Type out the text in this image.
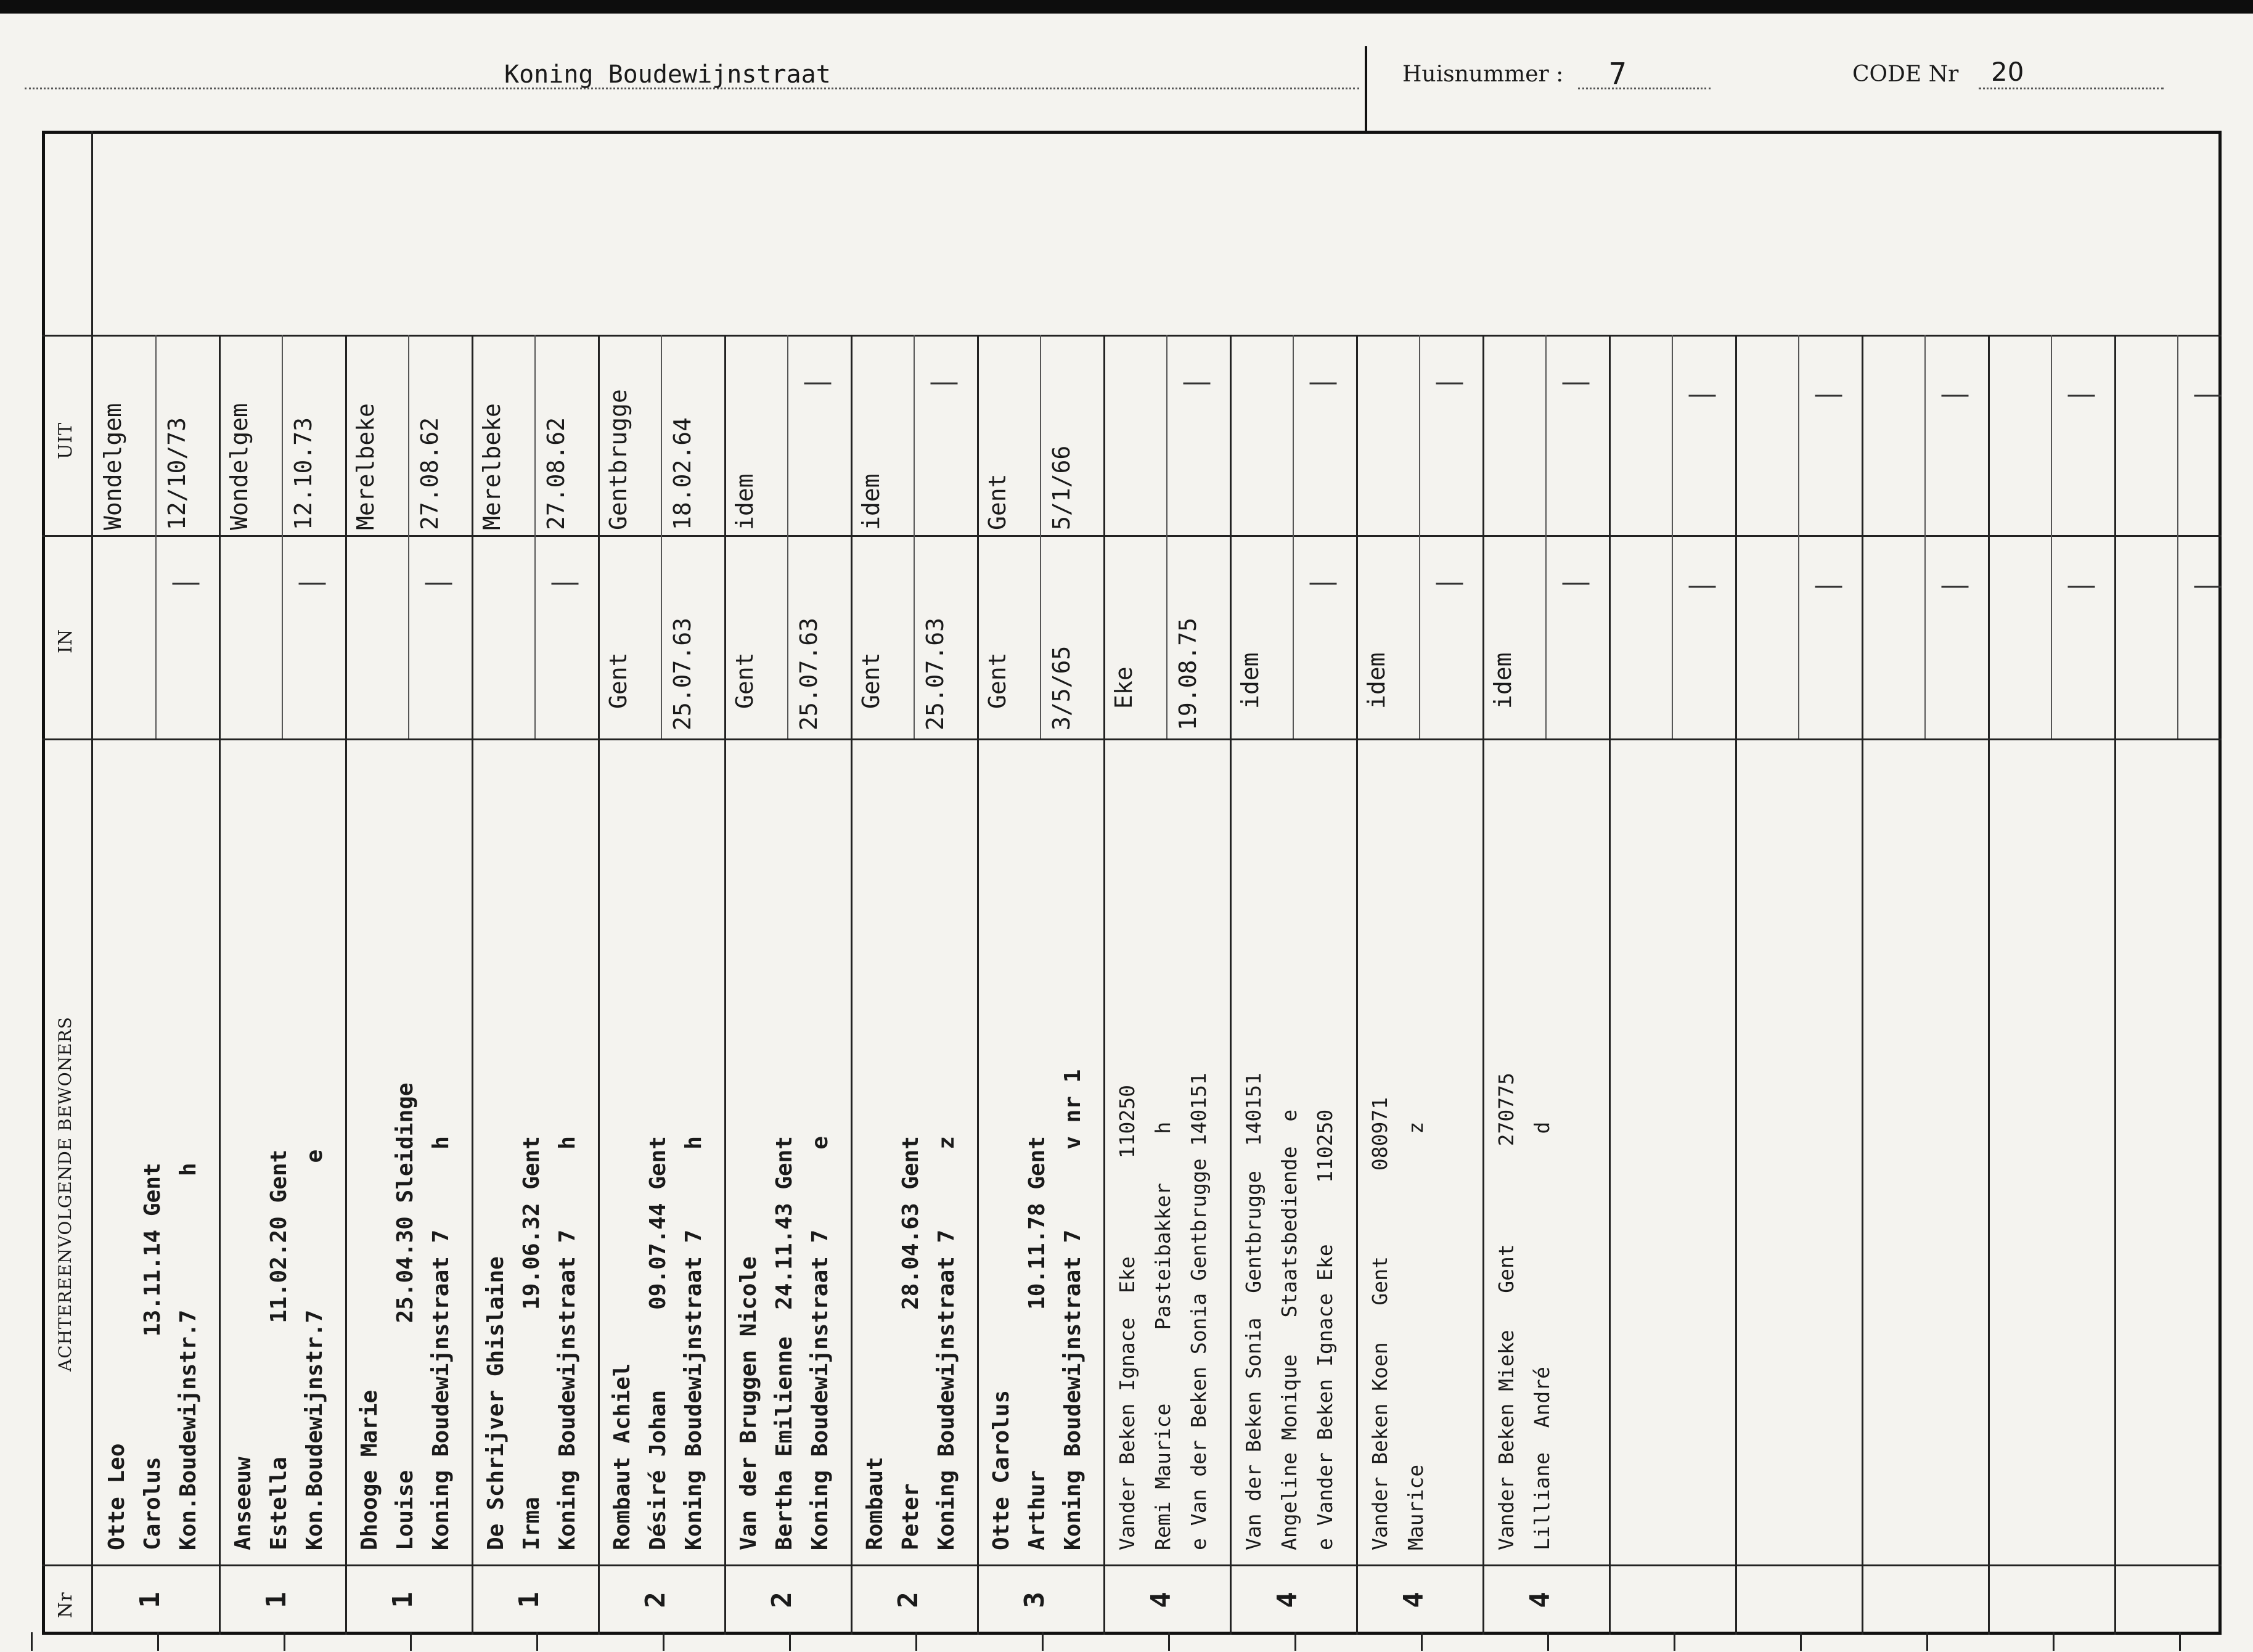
Koning Boudewijnstraat	Huisnummer : 7	CODE Nr 20
UIT
IN
ACHTEREENVOLGENDE BEWONERS
Nr
Otte Leo Carolus         13.11.14 Gent Kon.Boudewijnstr.7          h
Wondelgem 12/10/73
1
Anseeuw Estella          11.02.20 Gent Kon.Boudewijnstr.7           e
Wondelgem 12.10.73
1
Dhooge Marie Louise           25.04.30 Sleidinge Koning Boudewijnstraat 7      h
Merelbeke 27.08.62
1
De Schrijver Ghislaine Irma              19.06.32 Gent Koning Boudewijnstraat 7      h
Merelbeke 27.08.62
1
Rombaut Achiel Désiré Johan      09.07.44 Gent Koning Boudewijnstraat 7      h
Gentbrugge 18.02.64
Gent 25.07.63
2
Van der Bruggen Nicole Bertha Emilienne  24.11.43 Gent Koning Boudewijnstraat 7      e
idem
Gent 25.07.63
2
Rombaut Peter             28.04.63 Gent Koning Boudewijnstraat 7      z
idem
Gent 25.07.63
2
Otte Carolus Arthur            10.11.78 Gent Koning Boudewijnstraat 7      v nr 1
Gent 5/1/66
Gent 3/5/65
3
Vander Beken Ignace  Eke        110250 Remi Maurice      Pasteibakker    h e Van der Beken Sonia Gentbrugge 140151
Eke 19.08.75
4
Van der Beken Sonia  Gentbrugge  140151 Angeline Monique   Staatsbediende  e e Vander Beken Ignace Eke     110250
idem
4
Vander Beken Koen   Gent       080971 Maurice                           z
idem
4
Vander Beken Mieke   Gent        270775 Lilliane  André                   d
idem
4
